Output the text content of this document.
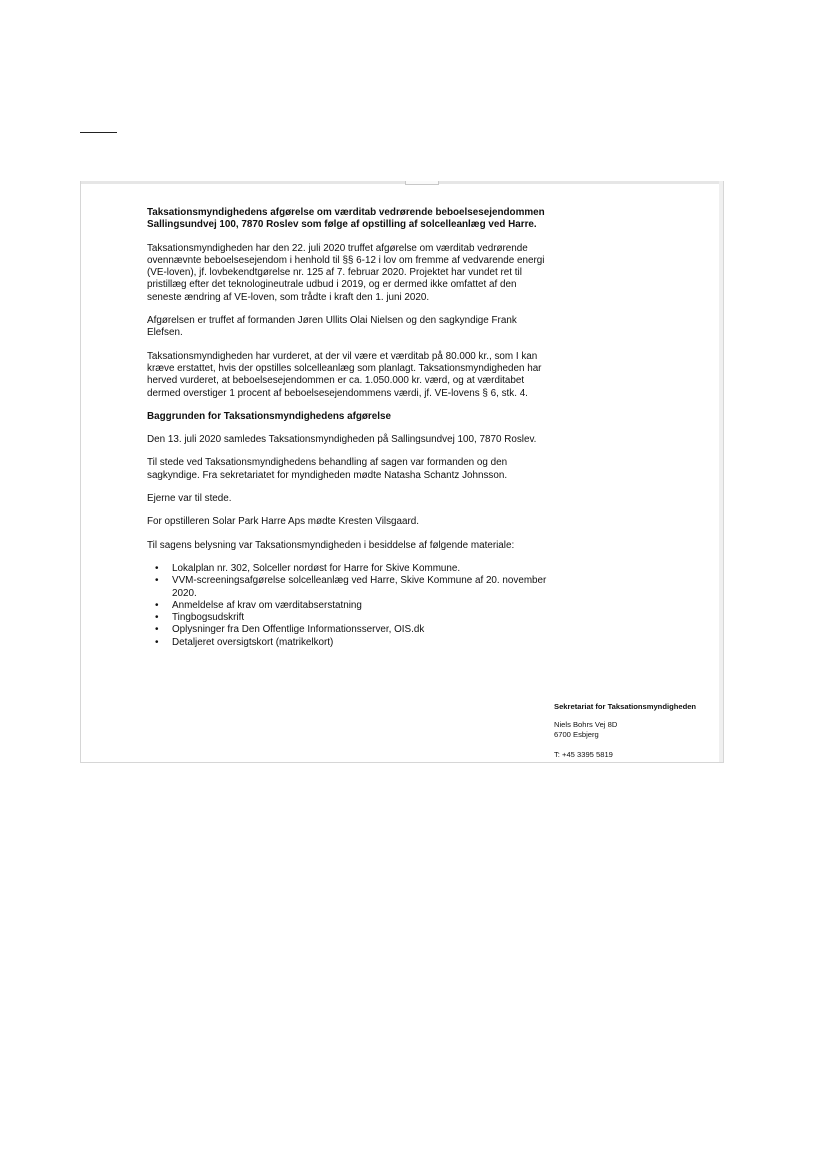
Taksationsmyndighedens afgørelse om værditab vedrørende beboelsesejendommen Sallingsundvej 100, 7870 Roslev som følge af opstilling af solcelleanlæg ved Harre.

Taksationsmyndigheden har den 22. juli 2020 truffet afgørelse om værditab vedrørende ovennævnte beboelsesejendom i henhold til §§ 6-12 i lov om fremme af vedvarende energi (VE-loven), jf. lovbekendtgørelse nr. 125 af 7. februar 2020. Projektet har vundet ret til pristillæg efter det teknologineutrale udbud i 2019, og er dermed ikke omfattet af den seneste ændring af VE-loven, som trådte i kraft den 1. juni 2020.

Afgørelsen er truffet af formanden Jøren Ullits Olai Nielsen og den sagkyndige Frank Elefsen.

Taksationsmyndigheden har vurderet, at der vil være et værditab på 80.000 kr., som I kan kræve erstattet, hvis der opstilles solcelleanlæg som planlagt. Taksationsmyndigheden har herved vurderet, at beboelsesejendommen er ca. 1.050.000 kr. værd, og at værditabet dermed overstiger 1 procent af beboelsesejendommens værdi, jf. VE-lovens § 6, stk. 4.

Baggrunden for Taksationsmyndighedens afgørelse

Den 13. juli 2020 samledes Taksationsmyndigheden på Sallingsundvej 100, 7870 Roslev.

Til stede ved Taksationsmyndighedens behandling af sagen var formanden og den sagkyndige. Fra sekretariatet for myndigheden mødte Natasha Schantz Johnsson.

Ejerne var til stede.

For opstilleren Solar Park Harre Aps mødte Kresten Vilsgaard.

Til sagens belysning var Taksationsmyndigheden i besiddelse af følgende materiale:

• Lokalplan nr. 302, Solceller nordøst for Harre for Skive Kommune.
• VVM-screeningsafgørelse solcelleanlæg ved Harre, Skive Kommune af 20. november 2020.
• Anmeldelse af krav om værditabserstatning
• Tingbogsudskrift
• Oplysninger fra Den Offentlige Informationsserver, OIS.dk
• Detaljeret oversigtskort (matrikelkort)
Sekretariat for Taksationsmyndigheden
Niels Bohrs Vej 8D
6700 Esbjerg
T: +45 3395 5819
